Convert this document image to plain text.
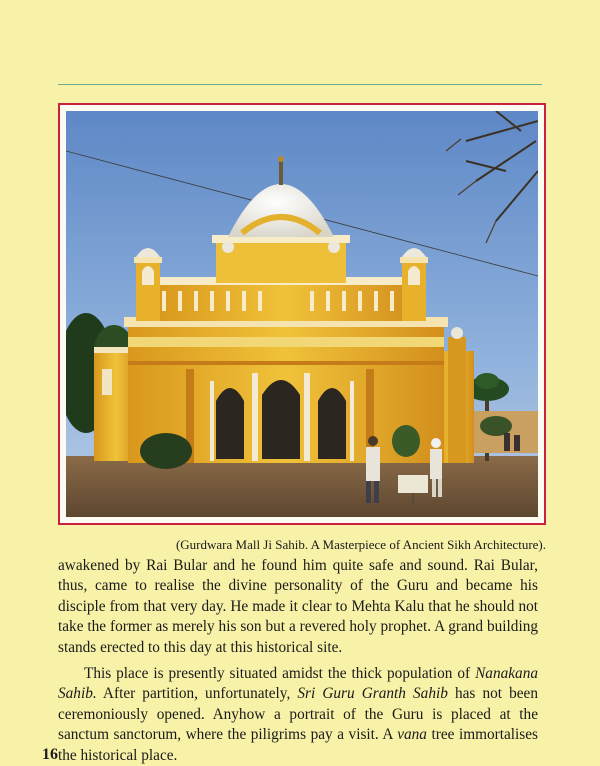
(Gurdwara Mall Ji Sahib. A Masterpiece of Ancient Sikh Architecture).

awakened by Rai Bular and he found him quite safe and sound. Rai Bular, thus, came to realise the divine personality of the Guru and became his disciple from that very day. He made it clear to Mehta Kalu that he should not take the former as merely his son but a revered holy prophet. A grand building stands erected to this day at this historical site.

This place is presently situated amidst the thick population of Nanakana Sahib. After partition, unfortunately, Sri Guru Granth Sahib has not been ceremoniously opened. Anyhow a portrait of the Guru is placed at the sanctum sanctorum, where the piligrims pay a visit. A vana tree immortalises the historical place.

16
